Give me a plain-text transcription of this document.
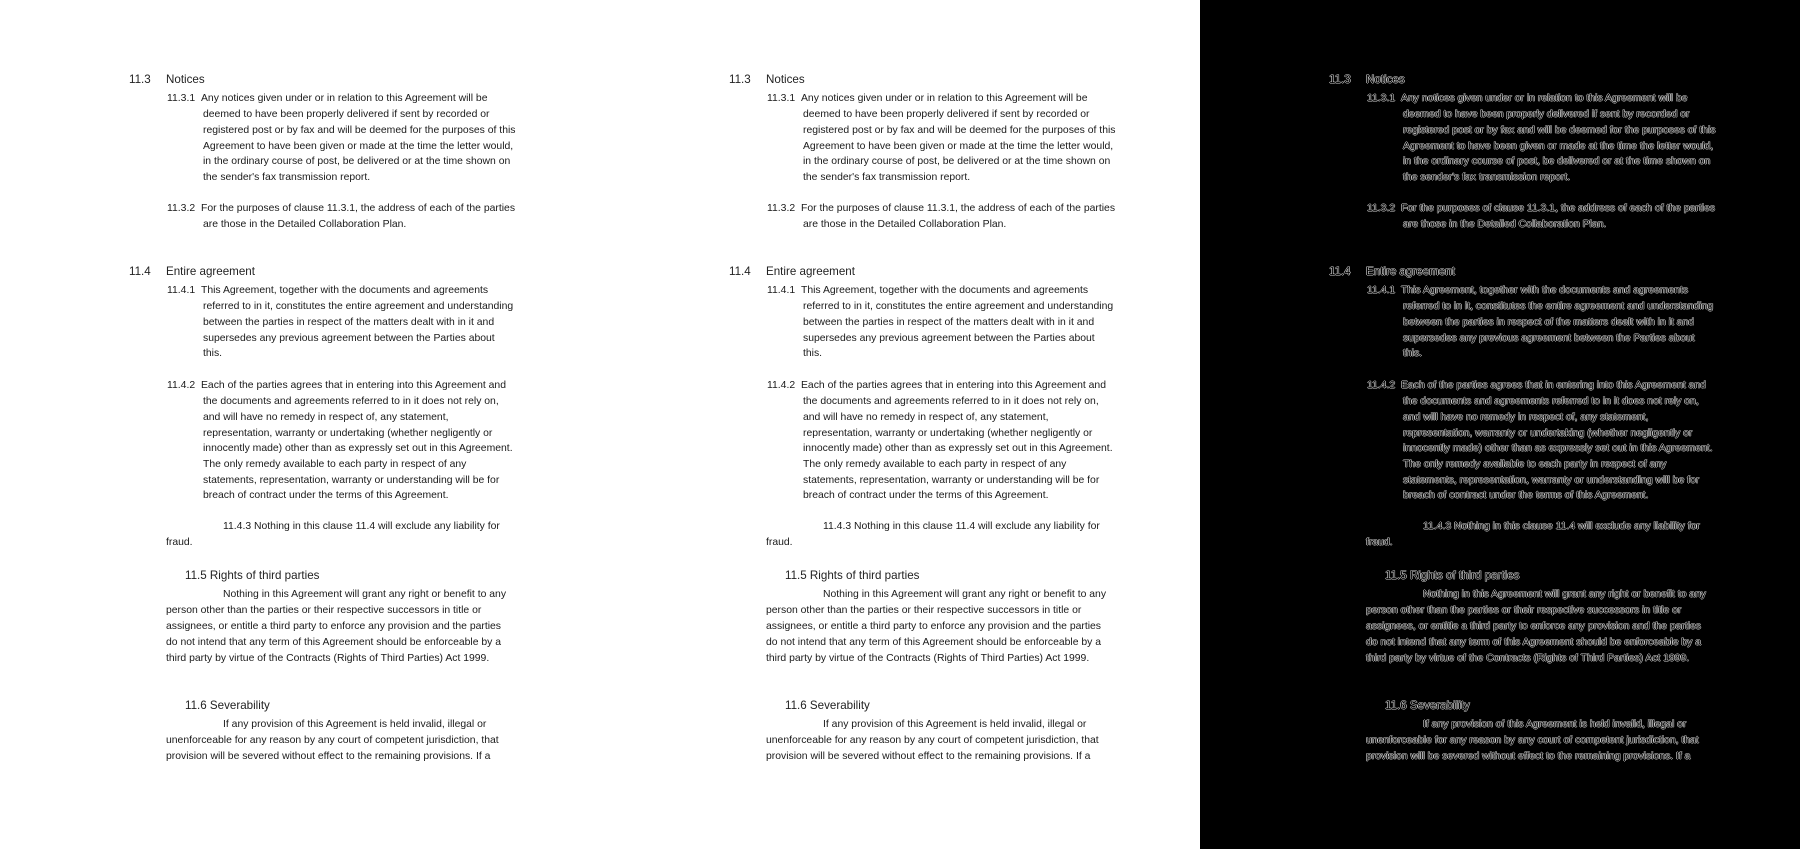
11.3 Notices
11.3.1 Any notices given under or in relation to this Agreement will be
deemed to have been properly delivered if sent by recorded or
registered post or by fax and will be deemed for the purposes of this
Agreement to have been given or made at the time the letter would,
in the ordinary course of post, be delivered or at the time shown on
the sender's fax transmission report.
11.3.2 For the purposes of clause 11.3.1, the address of each of the parties
are those in the Detailed Collaboration Plan.
11.4 Entire agreement
11.4.1 This Agreement, together with the documents and agreements
referred to in it, constitutes the entire agreement and understanding
between the parties in respect of the matters dealt with in it and
supersedes any previous agreement between the Parties about
this.
11.4.2 Each of the parties agrees that in entering into this Agreement and
the documents and agreements referred to in it does not rely on,
and will have no remedy in respect of, any statement,
representation, warranty or undertaking (whether negligently or
innocently made) other than as expressly set out in this Agreement.
The only remedy available to each party in respect of any
statements, representation, warranty or understanding will be for
breach of contract under the terms of this Agreement.
11.4.3 Nothing in this clause 11.4 will exclude any liability for
fraud.
11.5 Rights of third parties
Nothing in this Agreement will grant any right or benefit to any
person other than the parties or their respective successors in title or
assignees, or entitle a third party to enforce any provision and the parties
do not intend that any term of this Agreement should be enforceable by a
third party by virtue of the Contracts (Rights of Third Parties) Act 1999.
11.6 Severability
If any provision of this Agreement is held invalid, illegal or
unenforceable for any reason by any court of competent jurisdiction, that
provision will be severed without effect to the remaining provisions. If a
11.3 Notices
11.3.1 Any notices given under or in relation to this Agreement will be
deemed to have been properly delivered if sent by recorded or
registered post or by fax and will be deemed for the purposes of this
Agreement to have been given or made at the time the letter would,
in the ordinary course of post, be delivered or at the time shown on
the sender's fax transmission report.
11.3.2 For the purposes of clause 11.3.1, the address of each of the parties
are those in the Detailed Collaboration Plan.
11.4 Entire agreement
11.4.1 This Agreement, together with the documents and agreements
referred to in it, constitutes the entire agreement and understanding
between the parties in respect of the matters dealt with in it and
supersedes any previous agreement between the Parties about
this.
11.4.2 Each of the parties agrees that in entering into this Agreement and
the documents and agreements referred to in it does not rely on,
and will have no remedy in respect of, any statement,
representation, warranty or undertaking (whether negligently or
innocently made) other than as expressly set out in this Agreement.
The only remedy available to each party in respect of any
statements, representation, warranty or understanding will be for
breach of contract under the terms of this Agreement.
11.4.3 Nothing in this clause 11.4 will exclude any liability for
fraud.
11.5 Rights of third parties
Nothing in this Agreement will grant any right or benefit to any
person other than the parties or their respective successors in title or
assignees, or entitle a third party to enforce any provision and the parties
do not intend that any term of this Agreement should be enforceable by a
third party by virtue of the Contracts (Rights of Third Parties) Act 1999.
11.6 Severability
If any provision of this Agreement is held invalid, illegal or
unenforceable for any reason by any court of competent jurisdiction, that
provision will be severed without effect to the remaining provisions. If a
11.3 Notices
11.3.1 Any notices given under or in relation to this Agreement will be
deemed to have been properly delivered if sent by recorded or
registered post or by fax and will be deemed for the purposes of this
Agreement to have been given or made at the time the letter would,
in the ordinary course of post, be delivered or at the time shown on
the sender's fax transmission report.
11.3.2 For the purposes of clause 11.3.1, the address of each of the parties
are those in the Detailed Collaboration Plan.
11.4 Entire agreement
11.4.1 This Agreement, together with the documents and agreements
referred to in it, constitutes the entire agreement and understanding
between the parties in respect of the matters dealt with in it and
supersedes any previous agreement between the Parties about
this.
11.4.2 Each of the parties agrees that in entering into this Agreement and
the documents and agreements referred to in it does not rely on,
and will have no remedy in respect of, any statement,
representation, warranty or undertaking (whether negligently or
innocently made) other than as expressly set out in this Agreement.
The only remedy available to each party in respect of any
statements, representation, warranty or understanding will be for
breach of contract under the terms of this Agreement.
11.4.3 Nothing in this clause 11.4 will exclude any liability for
fraud.
11.5 Rights of third parties
Nothing in this Agreement will grant any right or benefit to any
person other than the parties or their respective successors in title or
assignees, or entitle a third party to enforce any provision and the parties
do not intend that any term of this Agreement should be enforceable by a
third party by virtue of the Contracts (Rights of Third Parties) Act 1999.
11.6 Severability
If any provision of this Agreement is held invalid, illegal or
unenforceable for any reason by any court of competent jurisdiction, that
provision will be severed without effect to the remaining provisions. If a
